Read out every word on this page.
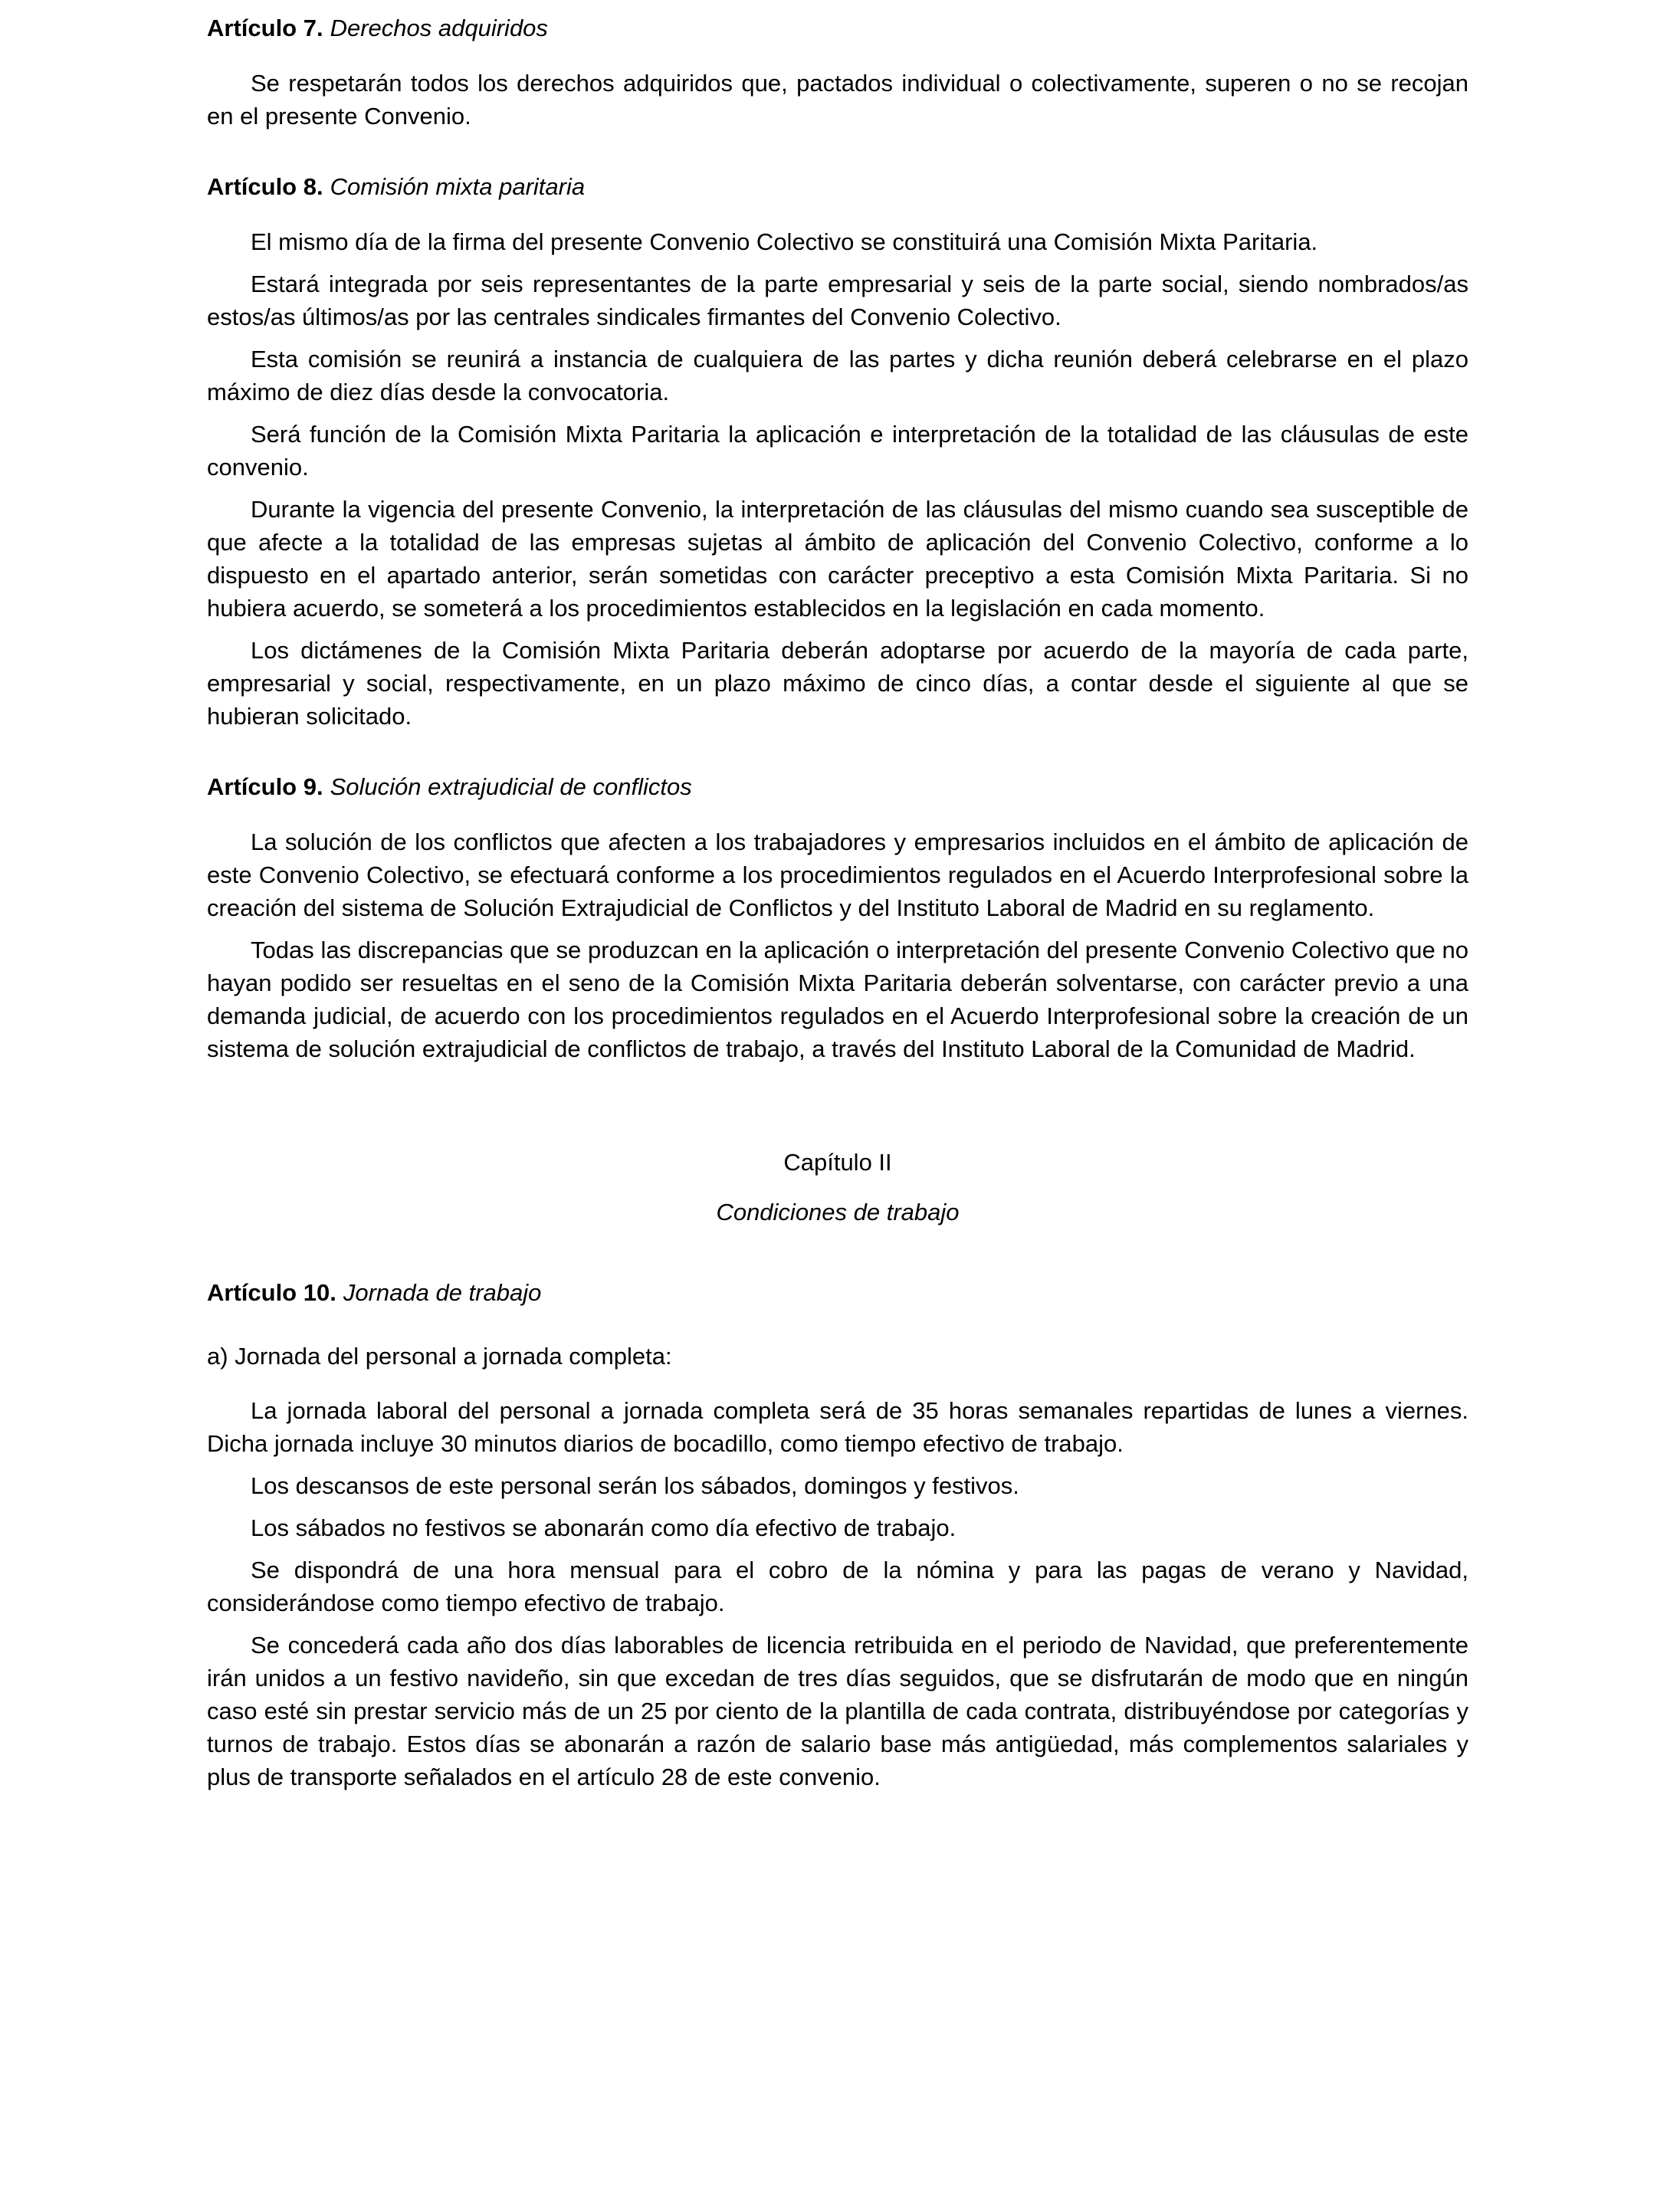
Artículo 7. Derechos adquiridos

Se respetarán todos los derechos adquiridos que, pactados individual o colectivamente, superen o no se recojan en el presente Convenio.

Artículo 8. Comisión mixta paritaria

El mismo día de la firma del presente Convenio Colectivo se constituirá una Comisión Mixta Paritaria.

Estará integrada por seis representantes de la parte empresarial y seis de la parte social, siendo nombrados/as estos/as últimos/as por las centrales sindicales firmantes del Convenio Colectivo.

Esta comisión se reunirá a instancia de cualquiera de las partes y dicha reunión deberá celebrarse en el plazo máximo de diez días desde la convocatoria.

Será función de la Comisión Mixta Paritaria la aplicación e interpretación de la totalidad de las cláusulas de este convenio.

Durante la vigencia del presente Convenio, la interpretación de las cláusulas del mismo cuando sea susceptible de que afecte a la totalidad de las empresas sujetas al ámbito de aplicación del Convenio Colectivo, conforme a lo dispuesto en el apartado anterior, serán sometidas con carácter preceptivo a esta Comisión Mixta Paritaria. Si no hubiera acuerdo, se someterá a los procedimientos establecidos en la legislación en cada momento.

Los dictámenes de la Comisión Mixta Paritaria deberán adoptarse por acuerdo de la mayoría de cada parte, empresarial y social, respectivamente, en un plazo máximo de cinco días, a contar desde el siguiente al que se hubieran solicitado.

Artículo 9. Solución extrajudicial de conflictos

La solución de los conflictos que afecten a los trabajadores y empresarios incluidos en el ámbito de aplicación de este Convenio Colectivo, se efectuará conforme a los procedimientos regulados en el Acuerdo Interprofesional sobre la creación del sistema de Solución Extrajudicial de Conflictos y del Instituto Laboral de Madrid en su reglamento.

Todas las discrepancias que se produzcan en la aplicación o interpretación del presente Convenio Colectivo que no hayan podido ser resueltas en el seno de la Comisión Mixta Paritaria deberán solventarse, con carácter previo a una demanda judicial, de acuerdo con los procedimientos regulados en el Acuerdo Interprofesional sobre la creación de un sistema de solución extrajudicial de conflictos de trabajo, a través del Instituto Laboral de la Comunidad de Madrid.

Capítulo II
Condiciones de trabajo
Artículo 10. Jornada de trabajo

a) Jornada del personal a jornada completa:

La jornada laboral del personal a jornada completa será de 35 horas semanales repartidas de lunes a viernes. Dicha jornada incluye 30 minutos diarios de bocadillo, como tiempo efectivo de trabajo.

Los descansos de este personal serán los sábados, domingos y festivos.

Los sábados no festivos se abonarán como día efectivo de trabajo.

Se dispondrá de una hora mensual para el cobro de la nómina y para las pagas de verano y Navidad, considerándose como tiempo efectivo de trabajo.

Se concederá cada año dos días laborables de licencia retribuida en el periodo de Navidad, que preferentemente irán unidos a un festivo navideño, sin que excedan de tres días seguidos, que se disfrutarán de modo que en ningún caso esté sin prestar servicio más de un 25 por ciento de la plantilla de cada contrata, distribuyéndose por categorías y turnos de trabajo. Estos días se abonarán a razón de salario base más antigüedad, más complementos salariales y plus de transporte señalados en el artículo 28 de este convenio.
